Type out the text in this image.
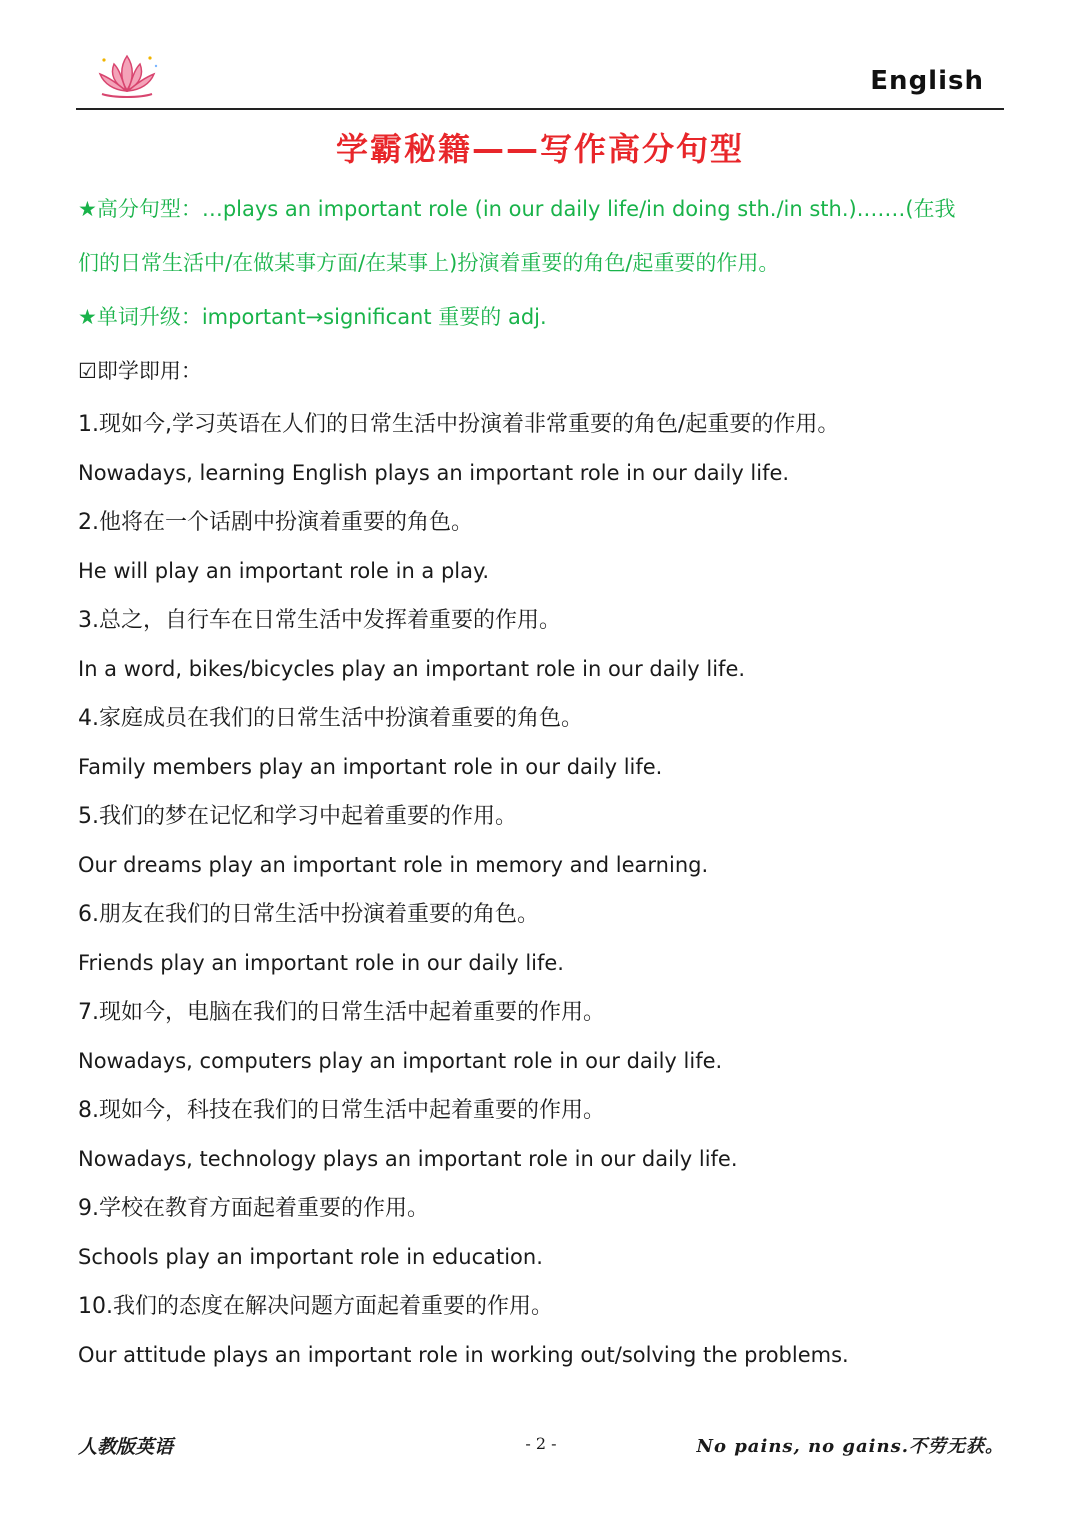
English
学霸秘籍——写作高分句型

★高分句型：…plays an important role (in our daily life/in doing sth./in sth.).……(在我

们的日常生活中/在做某事方面/在某事上)扮演着重要的角色/起重要的作用。

★单词升级：important→significant 重要的 adj.

☑即学即用：

1.现如今,学习英语在人们的日常生活中扮演着非常重要的角色/起重要的作用。

Nowadays, learning English plays an important role in our daily life.

2.他将在一个话剧中扮演着重要的角色。

He will play an important role in a play.

3.总之，自行车在日常生活中发挥着重要的作用。

In a word, bikes/bicycles play an important role in our daily life.

4.家庭成员在我们的日常生活中扮演着重要的角色。

Family members play an important role in our daily life.

5.我们的梦在记忆和学习中起着重要的作用。

Our dreams play an important role in memory and learning.

6.朋友在我们的日常生活中扮演着重要的角色。

Friends play an important role in our daily life.

7.现如今，电脑在我们的日常生活中起着重要的作用。

Nowadays, computers play an important role in our daily life.

8.现如今，科技在我们的日常生活中起着重要的作用。

Nowadays, technology plays an important role in our daily life.

9.学校在教育方面起着重要的作用。

Schools play an important role in education.

10.我们的态度在解决问题方面起着重要的作用。

Our attitude plays an important role in working out/solving the problems.

人教版英语	- 2 -	No pains, no gains.不劳无获。
